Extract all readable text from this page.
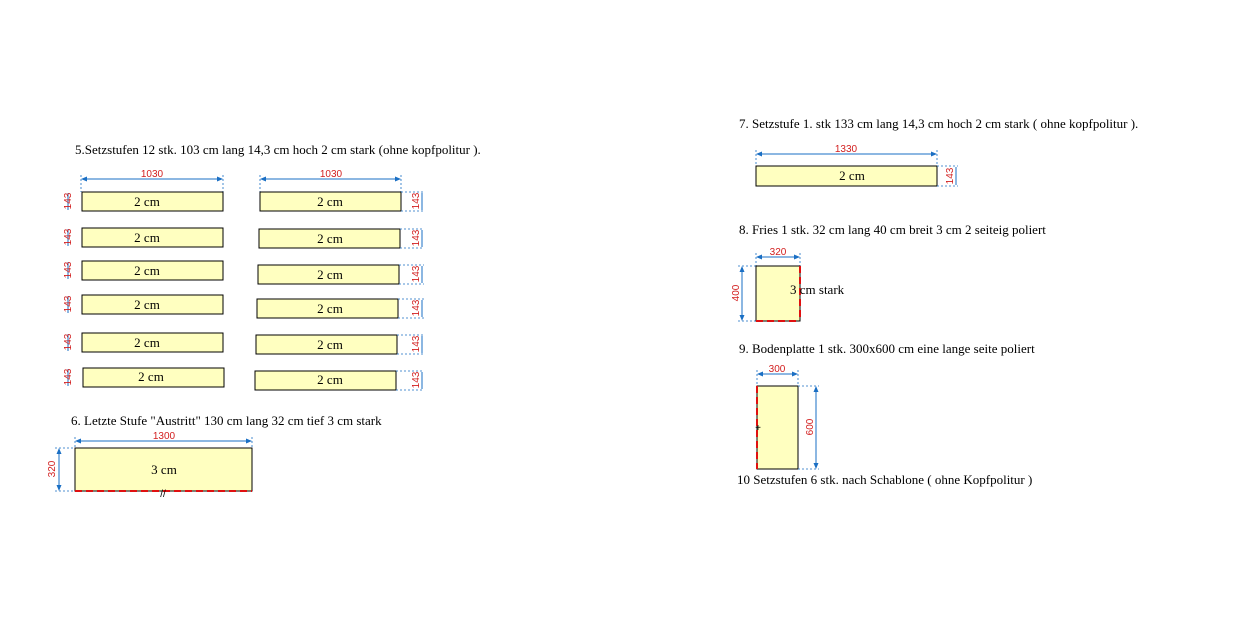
5.Setzstufen 12 stk. 103 cm lang 14,3 cm hoch 2 cm stark (ohne kopfpolitur ).
1030	1030
2 cm
143
2 cm
143
2 cm
143
2 cm
143
2 cm
143
2 cm
143
2 cm	143
2 cm	143
2 cm	143
2 cm	143
2 cm	143
2 cm	143
6. Letzte Stufe "Austritt" 130 cm lang 32 cm tief 3 cm stark
1300
320	3 cm
//
7. Setzstufe 1. stk 133 cm lang 14,3 cm hoch 2 cm stark ( ohne kopfpolitur ).
1330
2 cm	143
8. Fries 1 stk. 32 cm lang 40 cm breit 3 cm 2 seiteig poliert
320
400	3 cm stark
9. Bodenplatte 1 stk. 300x600 cm eine lange seite poliert
300
+	600
10 Setzstufen 6 stk. nach Schablone ( ohne Kopfpolitur )
